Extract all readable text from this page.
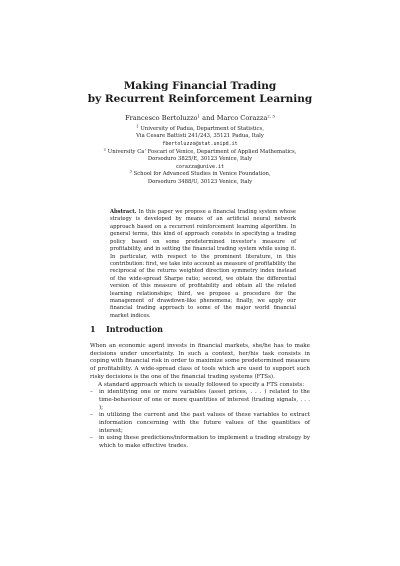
Making Financial Trading
by Recurrent Reinforcement Learning
Francesco Bertoluzzo$^1$ and Marco Corazza$^{2, 3}$
$^1$ University of Padua, Department of Statistics,
Via Cesare Battisti 241/243, 35121 Padua, Italy
fbertoluzzo@stat.unipd.it
$^2$ University Ca' Foscari of Venice, Department of Applied Mathematics,
Dorsoduro 3825/E, 30123 Venice, Italy
corazza@unive.it
$^3$ School for Advanced Studies in Venice Foundation,
Dorsoduro 3488/U, 30123 Venice, Italy
Abstract. In this paper we propose a financial trading system whose strategy is developed by means of an artificial neural network approach based on a recurrent reinforcement learning algorithm. In general terms, this kind of approach consists in specifying a trading policy based on some predetermined investor's measure of profitability, and in setting the financial trading system while using it. In particular, with respect to the prominent literature, in this contribution: first, we take into account as measure of profitability the reciprocal of the returns weighted direction symmetry index instead of the wide-spread Sharpe ratio; second, we obtain the differential version of this measure of profitability and obtain all the related learning relationships; third, we propose a procedure for the management of drawdown-like phenomena; finally, we apply our financial trading approach to some of the major world financial market indices.
1 Introduction

When an economic agent invests in financial markets, she/he has to make decisions under uncertainty. In such a context, her/his task consists in coping with financial risk in order to maximize some predetermined measure of profitability. A wide-spread class of tools which are used to support such risky decisions is the one of the financial trading systems (FTSs).

A standard approach which is usually followed to specify a FTS consists:

– in identifying one or more variables (asset prices, . . . ) related to the time-behaviour of one or more quantities of interest (trading signals, . . . );
– in utilizing the current and the past values of these variables to extract information concerning with the future values of the quantities of interest;
– in using these predictions/information to implement a trading strategy by which to make effective trades.
